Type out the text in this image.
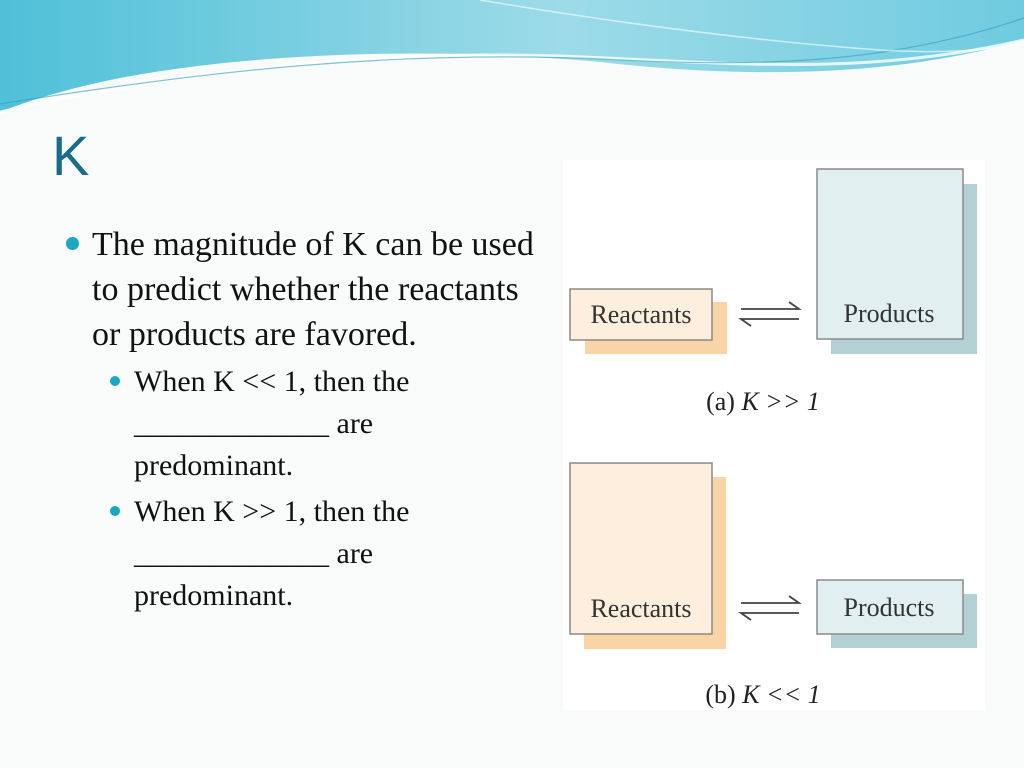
K
The magnitude of K can be used to predict whether the reactants or products are favored.
When K << 1, then the
_____________ are
predominant.
When K >> 1, then the
_____________ are
predominant.
Reactants	Products
(a) K >> 1
Reactants	Products
(b) K << 1
